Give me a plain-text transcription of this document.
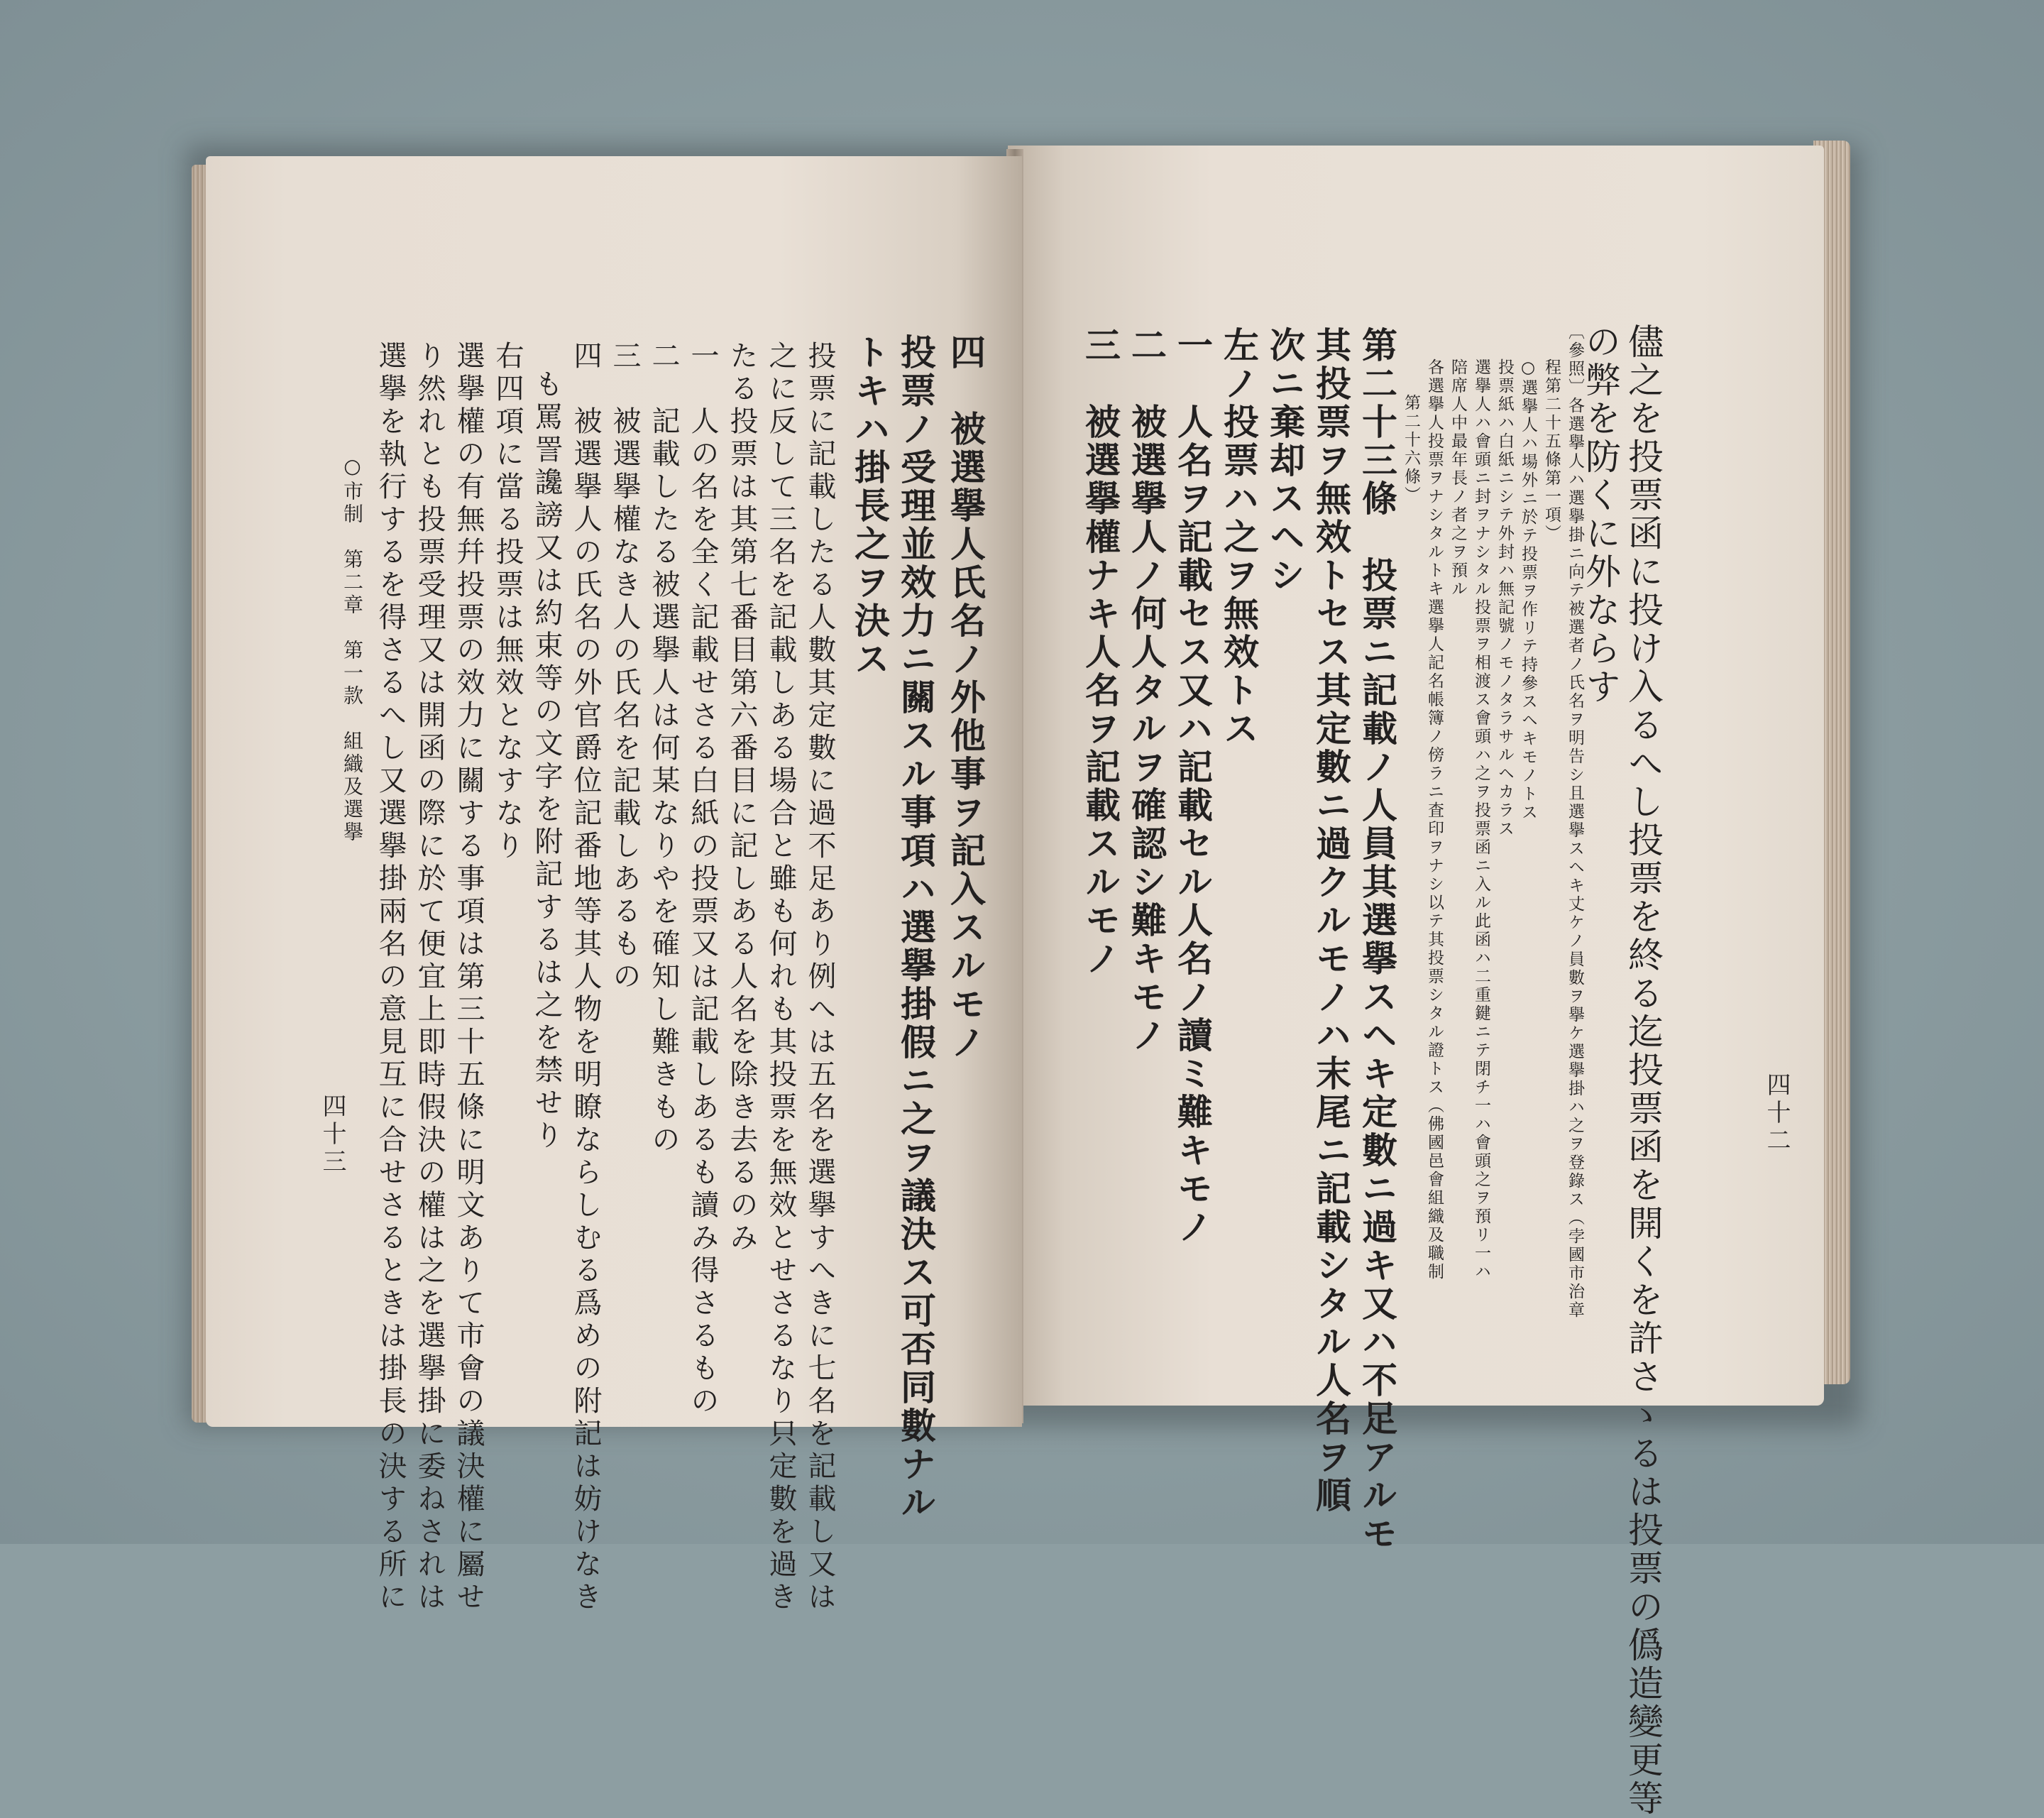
四十二
儘之を投票函に投け入るへし投票を終る迄投票函を開くを許さゝるは投票の僞造變更等
の弊を防くに外ならす
〔參照〕各選擧人ハ選擧掛ニ向テ被選者ノ氏名ヲ明告シ且選擧スヘキ丈ケノ員數ヲ擧ケ選擧掛ハ之ヲ登錄ス（孛國市治章
程第二十五條第一項）
○選擧人ハ場外ニ於テ投票ヲ作リテ持參スヘキモノトス
投票紙ハ白紙ニシテ外封ハ無記號ノモノタラサルヘカラス
選擧人ハ會頭ニ封ヲナシタル投票ヲ相渡ス會頭ハ之ヲ投票函ニ入ル此函ハ二重鍵ニテ閉チ一ハ會頭之ヲ預リ一ハ
陪席人中最年長ノ者之ヲ預ル
各選擧人投票ヲナシタルトキ選擧人記名帳簿ノ傍ラニ査印ヲナシ以テ其投票シタル證トス（佛國邑會組織及職制
第二十六條）
第二十三條　投票ニ記載ノ人員其選擧スヘキ定數ニ過キ又ハ不足アルモ
其投票ヲ無效トセス其定數ニ過クルモノハ末尾ニ記載シタル人名ヲ順
次ニ棄却スヘシ
左ノ投票ハ之ヲ無效トス
一　人名ヲ記載セス又ハ記載セル人名ノ讀ミ難キモノ
二　被選擧人ノ何人タルヲ確認シ難キモノ
三　被選擧權ナキ人名ヲ記載スルモノ
四　被選擧人氏名ノ外他事ヲ記入スルモノ
投票ノ受理並效力ニ關スル事項ハ選擧掛假ニ之ヲ議決ス可否同數ナル
トキハ掛長之ヲ決ス
投票に記載したる人數其定數に過不足あり例へは五名を選擧すへきに七名を記載し又は
之に反して三名を記載しある場合と雖も何れも其投票を無效とせさるなり只定數を過き
たる投票は其第七番目第六番目に記しある人名を除き去るのみ
一　人の名を全く記載せさる白紙の投票又は記載しあるも讀み得さるもの
二　記載したる被選擧人は何某なりやを確知し難きもの
三　被選擧權なき人の氏名を記載しあるもの
四　被選擧人の氏名の外官爵位記番地等其人物を明瞭ならしむる爲めの附記は妨けなき
も罵詈讒謗又は約束等の文字を附記するは之を禁せり
右四項に當る投票は無效となすなり
選擧權の有無幷投票の效力に關する事項は第三十五條に明文ありて市會の議決權に屬せ
り然れとも投票受理又は開函の際に於て便宜上即時假決の權は之を選擧掛に委ねされは
選擧を執行するを得さるへし又選擧掛兩名の意見互に合せさるときは掛長の決する所に
○市制　第二章　第一款　組織及選擧
四十三
